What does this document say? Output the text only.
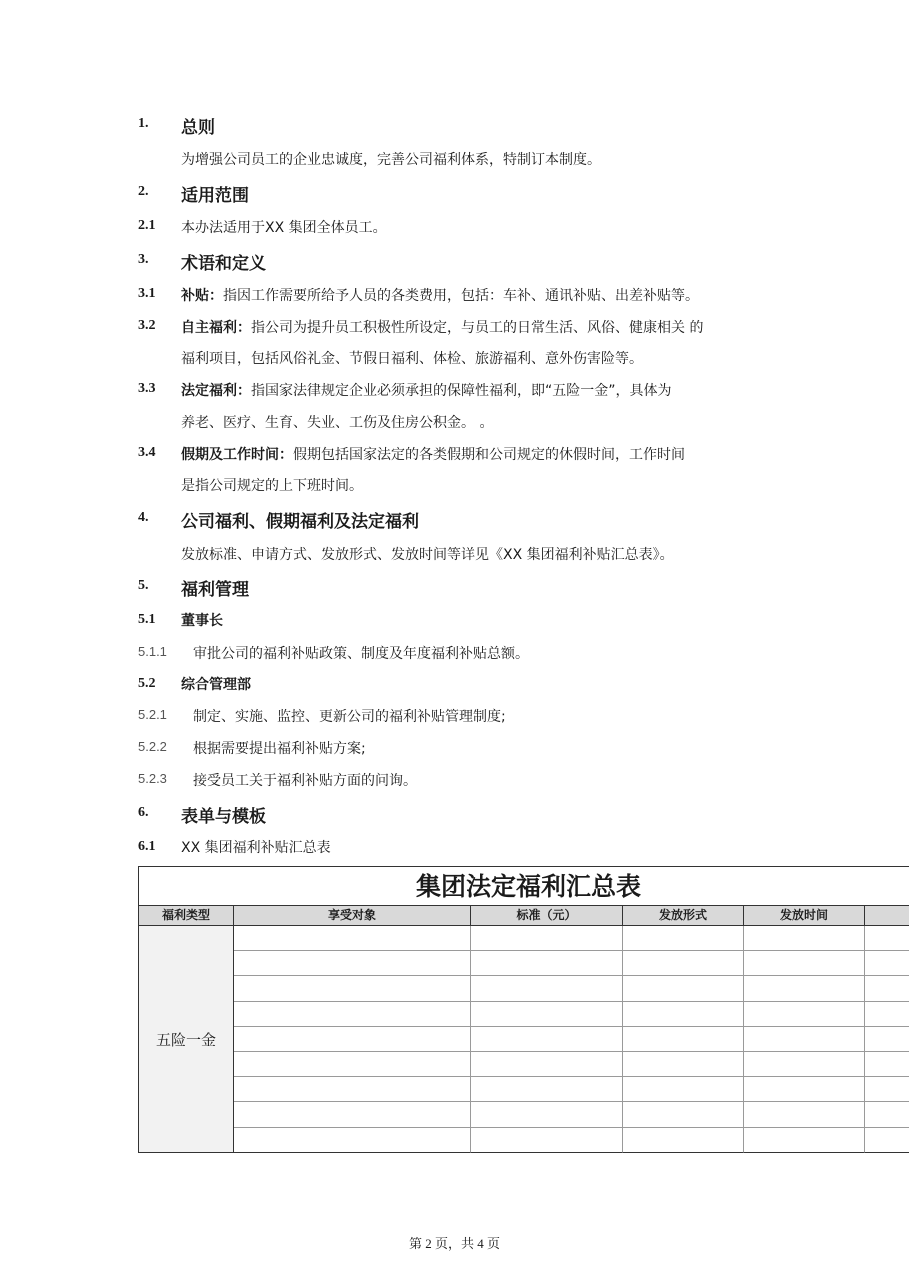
1. 总则
为增强公司员工的企业忠诚度，完善公司福利体系，特制订本制度。
2. 适用范围
2.1 本办法适用于XX 集团全体员工。
3. 术语和定义
3.1 补贴：指因工作需要所给予人员的各类费用，包括：车补、通讯补贴、出差补贴等。
3.2 自主福利：指公司为提升员工积极性所设定，与员工的日常生活、风俗、健康相关 的
福利项目，包括风俗礼金、节假日福利、体检、旅游福利、意外伤害险等。
3.3 法定福利：指国家法律规定企业必须承担的保障性福利，即“五险一金”，具体为
养老、医疗、生育、失业、工伤及住房公积金。 。
3.4 假期及工作时间：假期包括国家法定的各类假期和公司规定的休假时间，工作时间
是指公司规定的上下班时间。
4. 公司福利、假期福利及法定福利
发放标准、申请方式、发放形式、发放时间等详见《XX 集团福利补贴汇总表》。
5. 福利管理
5.1 董事长
5.1.1 审批公司的福利补贴政策、制度及年度福利补贴总额。
5.2 综合管理部
5.2.1 制定、实施、监控、更新公司的福利补贴管理制度;
5.2.2 根据需要提出福利补贴方案;
5.2.3 接受员工关于福利补贴方面的问询。
6. 表单与模板
6.1 XX 集团福利补贴汇总表
集团法定福利汇总表
福利类型	享受对象	标准（元）	发放形式	发放时间
五险一金
第 2 页，共 4 页
